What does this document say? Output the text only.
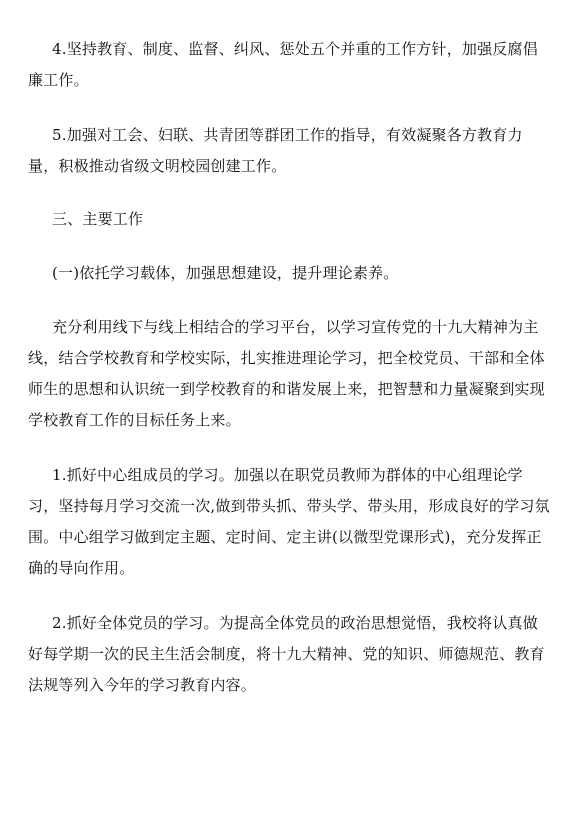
4.坚持教育、制度、监督、纠风、惩处五个并重的工作方针，加强反腐倡廉工作。

5.加强对工会、妇联、共青团等群团工作的指导，有效凝聚各方教育力量，积极推动省级文明校园创建工作。

三、主要工作

(一)依托学习载体，加强思想建设，提升理论素养。

充分利用线下与线上相结合的学习平台，以学习宣传党的十九大精神为主线，结合学校教育和学校实际，扎实推进理论学习，把全校党员、干部和全体师生的思想和认识统一到学校教育的和谐发展上来，把智慧和力量凝聚到实现学校教育工作的目标任务上来。

1.抓好中心组成员的学习。加强以在职党员教师为群体的中心组理论学习，坚持每月学习交流一次,做到带头抓、带头学、带头用，形成良好的学习氛围。中心组学习做到定主题、定时间、定主讲(以微型党课形式)，充分发挥正确的导向作用。

2.抓好全体党员的学习。为提高全体党员的政治思想觉悟，我校将认真做好每学期一次的民主生活会制度，将十九大精神、党的知识、师德规范、教育法规等列入今年的学习教育内容。
